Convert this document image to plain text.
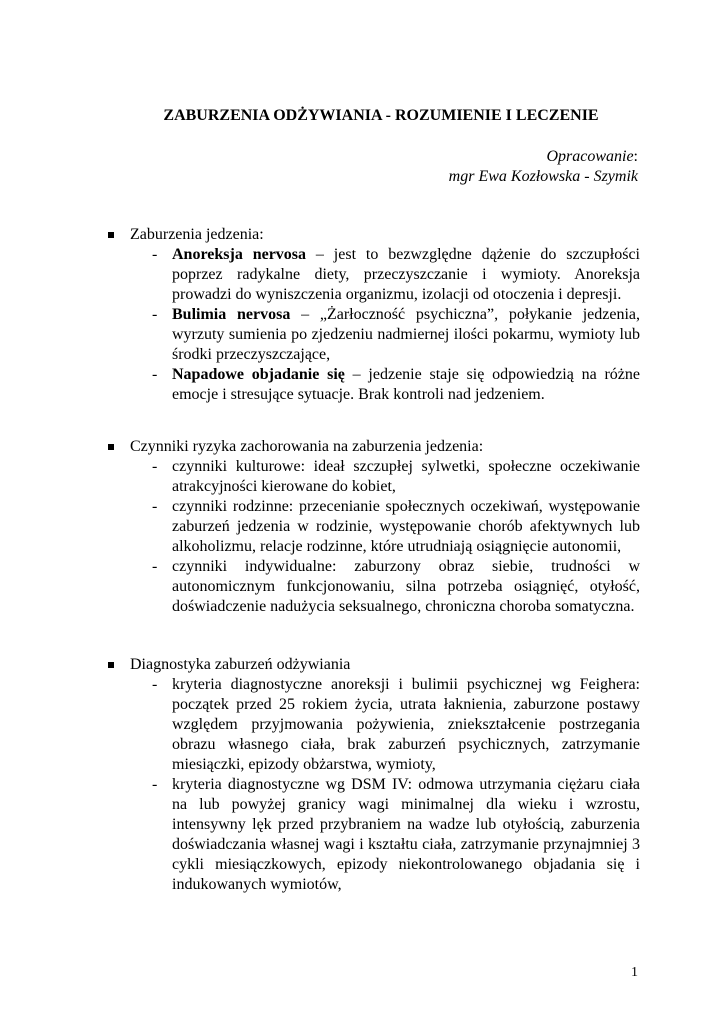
ZABURZENIA ODŻYWIANIA - ROZUMIENIE I LECZENIE
Opracowanie:
mgr Ewa Kozłowska - Szymik
Zaburzenia jedzenia:
- Anoreksja nervosa – jest to bezwzględne dążenie do szczupłości poprzez radykalne diety, przeczyszczanie i wymioty. Anoreksja prowadzi do wyniszczenia organizmu, izolacji od otoczenia i depresji.
- Bulimia nervosa – „Żarłoczność psychiczna”, połykanie jedzenia, wyrzuty sumienia po zjedzeniu nadmiernej ilości pokarmu, wymioty lub środki przeczyszczające,
- Napadowe objadanie się – jedzenie staje się odpowiedzią na różne emocje i stresujące sytuacje. Brak kontroli nad jedzeniem.
Czynniki ryzyka zachorowania na zaburzenia jedzenia:
- czynniki kulturowe: ideał szczupłej sylwetki, społeczne oczekiwanie atrakcyjności kierowane do kobiet,
- czynniki rodzinne: przecenianie społecznych oczekiwań, występowanie zaburzeń jedzenia w rodzinie, występowanie chorób afektywnych lub alkoholizmu, relacje rodzinne, które utrudniają osiągnięcie autonomii,
- czynniki indywidualne: zaburzony obraz siebie, trudności w autonomicznym funkcjonowaniu, silna potrzeba osiągnięć, otyłość, doświadczenie nadużycia seksualnego, chroniczna choroba somatyczna.
Diagnostyka zaburzeń odżywiania
- kryteria diagnostyczne anoreksji i bulimii psychicznej wg Feighera: początek przed 25 rokiem życia, utrata łaknienia, zaburzone postawy względem przyjmowania pożywienia, zniekształcenie postrzegania obrazu własnego ciała, brak zaburzeń psychicznych, zatrzymanie miesiączki, epizody obżarstwa, wymioty,
- kryteria diagnostyczne wg DSM IV: odmowa utrzymania ciężaru ciała na lub powyżej granicy wagi minimalnej dla wieku i wzrostu, intensywny lęk przed przybraniem na wadze lub otyłością, zaburzenia doświadczania własnej wagi i kształtu ciała, zatrzymanie przynajmniej 3 cykli miesiączkowych, epizody niekontrolowanego objadania się i indukowanych wymiotów,
1
